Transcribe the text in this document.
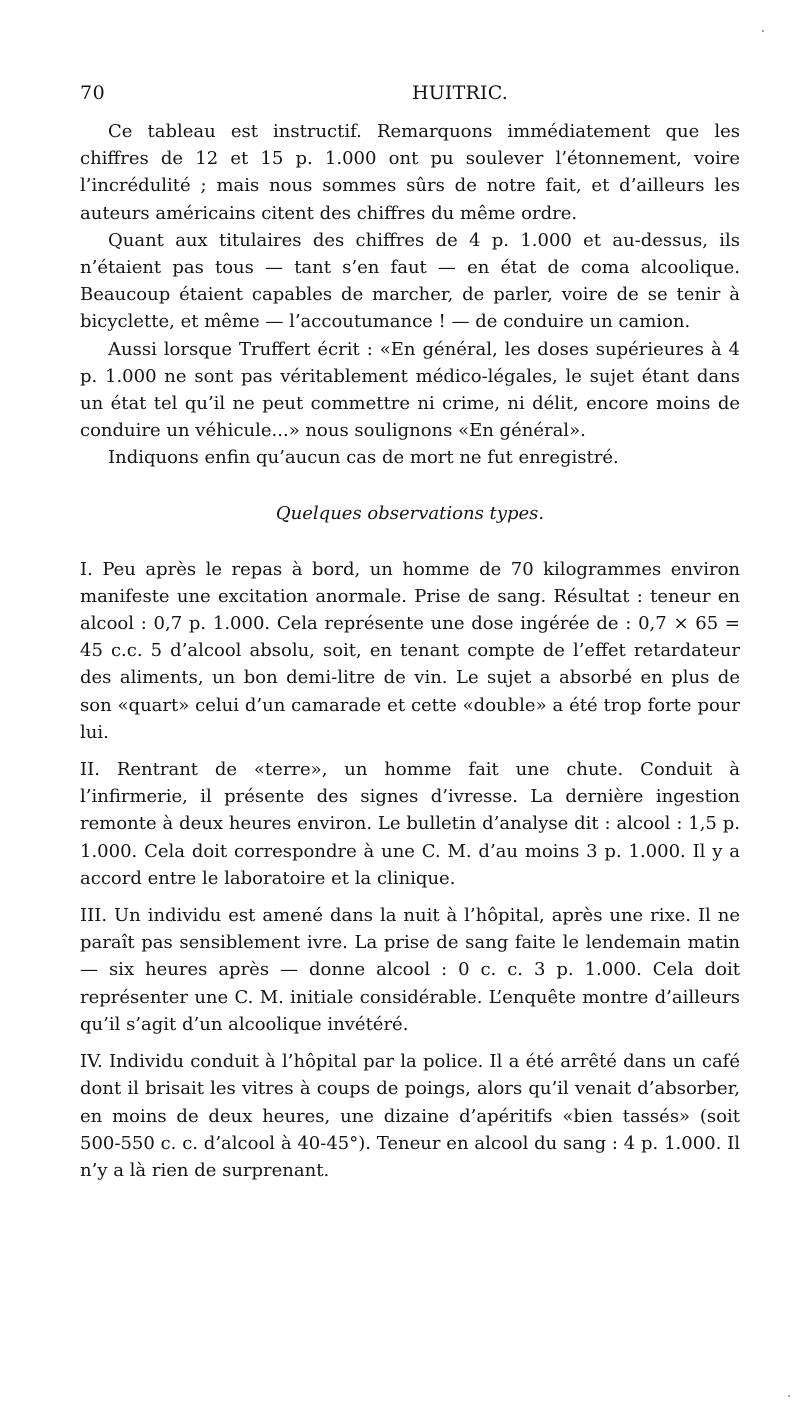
70	HUITRIC.

Ce tableau est instructif. Remarquons immédiatement que les chiffres de 12 et 15 p. 1.000 ont pu soulever l’étonnement, voire l’incrédulité ; mais nous sommes sûrs de notre fait, et d’ailleurs les auteurs américains citent des chiffres du même ordre.

Quant aux titulaires des chiffres de 4 p. 1.000 et au-dessus, ils n’étaient pas tous — tant s’en faut — en état de coma alcoolique. Beaucoup étaient capables de marcher, de parler, voire de se tenir à bicyclette, et même — l’accoutumance ! — de conduire un camion.

Aussi lorsque Truffert écrit : «En général, les doses supérieures à 4 p. 1.000 ne sont pas véritablement médico-légales, le sujet étant dans un état tel qu’il ne peut commettre ni crime, ni délit, encore moins de conduire un véhicule...» nous soulignons «En général».

Indiquons enfin qu’aucun cas de mort ne fut enregistré.

Quelques observations types.

I. Peu après le repas à bord, un homme de 70 kilogrammes environ manifeste une excitation anormale. Prise de sang. Résultat : teneur en alcool : 0,7 p. 1.000. Cela représente une dose ingérée de : 0,7 × 65 = 45 c.c. 5 d’alcool absolu, soit, en tenant compte de l’effet retardateur des aliments, un bon demi-litre de vin. Le sujet a absorbé en plus de son «quart» celui d’un camarade et cette «double» a été trop forte pour lui.

II. Rentrant de «terre», un homme fait une chute. Conduit à l’infirmerie, il présente des signes d’ivresse. La dernière ingestion remonte à deux heures environ. Le bulletin d’analyse dit : alcool : 1,5 p. 1.000. Cela doit correspondre à une C. M. d’au moins 3 p. 1.000. Il y a accord entre le laboratoire et la clinique.

III. Un individu est amené dans la nuit à l’hôpital, après une rixe. Il ne paraît pas sensiblement ivre. La prise de sang faite le lendemain matin — six heures après — donne alcool : 0 c. c. 3 p. 1.000. Cela doit représenter une C. M. initiale considérable. L’enquête montre d’ailleurs qu’il s’agit d’un alcoolique invétéré.

IV. Individu conduit à l’hôpital par la police. Il a été arrêté dans un café dont il brisait les vitres à coups de poings, alors qu’il venait d’absorber, en moins de deux heures, une dizaine d’apéritifs «bien tassés» (soit 500-550 c. c. d’alcool à 40-45°). Teneur en alcool du sang : 4 p. 1.000. Il n’y a là rien de surprenant.
